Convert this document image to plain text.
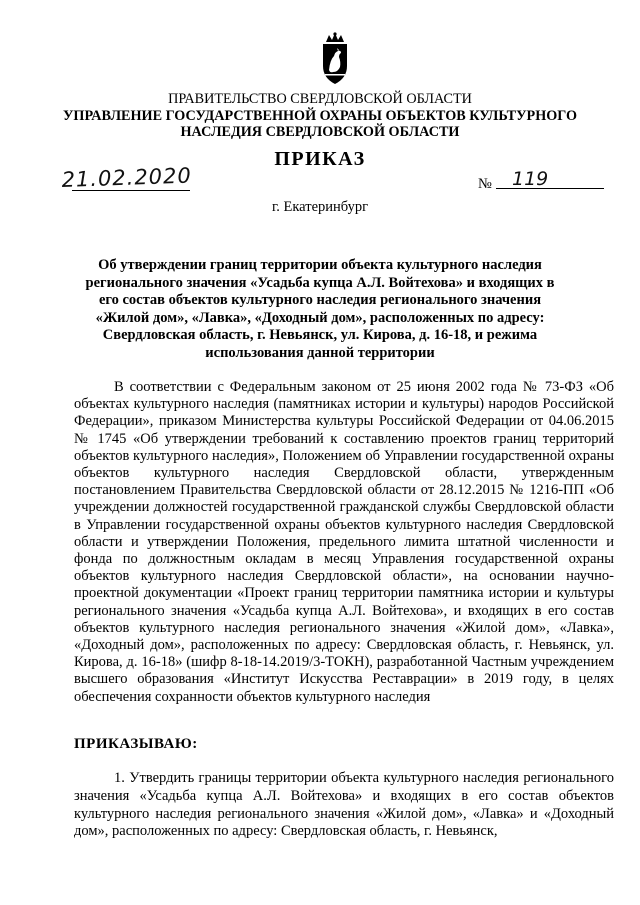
ПРАВИТЕЛЬСТВО СВЕРДЛОВСКОЙ ОБЛАСТИ
УПРАВЛЕНИЕ ГОСУДАРСТВЕННОЙ ОХРАНЫ ОБЪЕКТОВ КУЛЬТУРНОГО НАСЛЕДИЯ СВЕРДЛОВСКОЙ ОБЛАСТИ
ПРИКАЗ
21.02.2020	№ 119
г. Екатеринбург
Об утверждении границ территории объекта культурного наследия регионального значения «Усадьба купца А.Л. Войтехова» и входящих в его состав объектов культурного наследия регионального значения «Жилой дом», «Лавка», «Доходный дом», расположенных по адресу: Свердловская область, г. Невьянск, ул. Кирова, д. 16-18, и режима использования данной территории
В соответствии с Федеральным законом от 25 июня 2002 года № 73-ФЗ «Об объектах культурного наследия (памятниках истории и культуры) народов Российской Федерации», приказом Министерства культуры Российской Федерации от 04.06.2015 № 1745 «Об утверждении требований к составлению проектов границ территорий объектов культурного наследия», Положением об Управлении государственной охраны объектов культурного наследия Свердловской области, утвержденным постановлением Правительства Свердловской области от 28.12.2015 № 1216-ПП «Об учреждении должностей государственной гражданской службы Свердловской области в Управлении государственной охраны объектов культурного наследия Свердловской области и утверждении Положения, предельного лимита штатной численности и фонда по должностным окладам в месяц Управления государственной охраны объектов культурного наследия Свердловской области», на основании научно-проектной документации «Проект границ территории памятника истории и культуры регионального значения «Усадьба купца А.Л. Войтехова», и входящих в его состав объектов культурного наследия регионального значения «Жилой дом», «Лавка», «Доходный дом», расположенных по адресу: Свердловская область, г. Невьянск, ул. Кирова, д. 16-18» (шифр 8-18-14.2019/3-ТОКН), разработанной Частным учреждением высшего образования «Институт Искусства Реставрации» в 2019 году, в целях обеспечения сохранности объектов культурного наследия
ПРИКАЗЫВАЮ:
1. Утвердить границы территории объекта культурного наследия регионального значения «Усадьба купца А.Л. Войтехова» и входящих в его состав объектов культурного наследия регионального значения «Жилой дом», «Лавка» и «Доходный дом», расположенных по адресу: Свердловская область, г. Невьянск,
